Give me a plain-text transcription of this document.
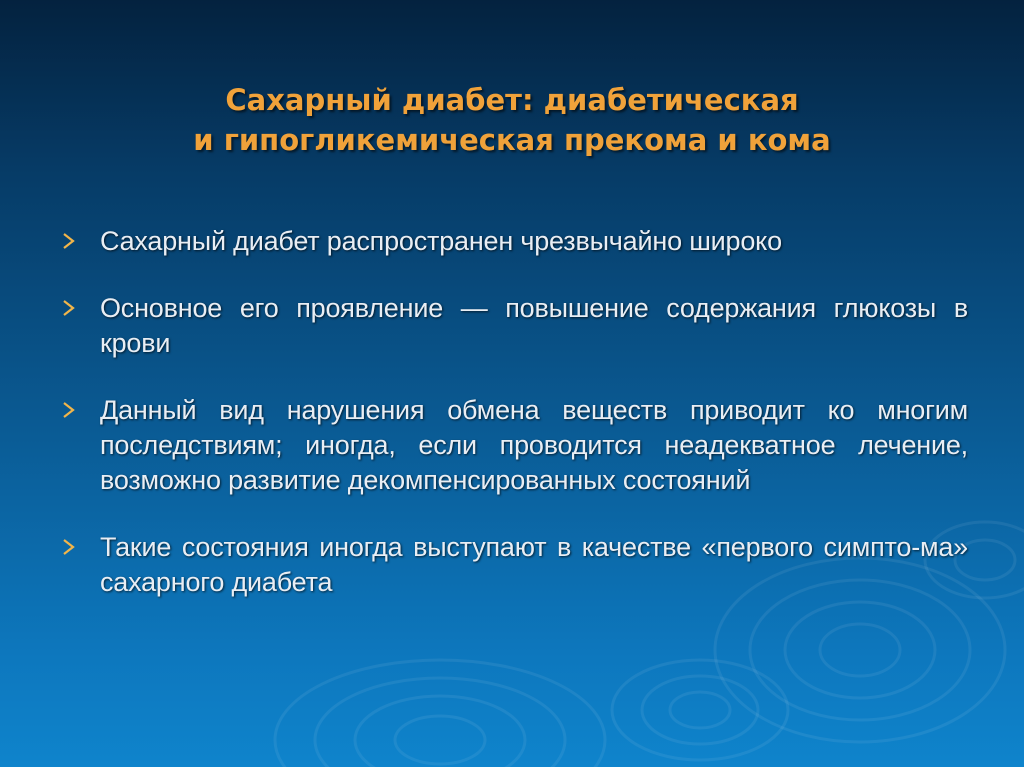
Сахарный диабет: диабетическая
и гипогликемическая прекома и кома
Сахарный диабет распространен чрезвычайно широко
Основное его проявление — повышение содержания глюкозы в крови
Данный вид нарушения обмена веществ приводит ко многим последствиям; иногда, если проводится неадекватное лечение, возможно развитие декомпенсированных состояний
Такие состояния иногда выступают в качестве «первого симпто-ма» сахарного диабета
